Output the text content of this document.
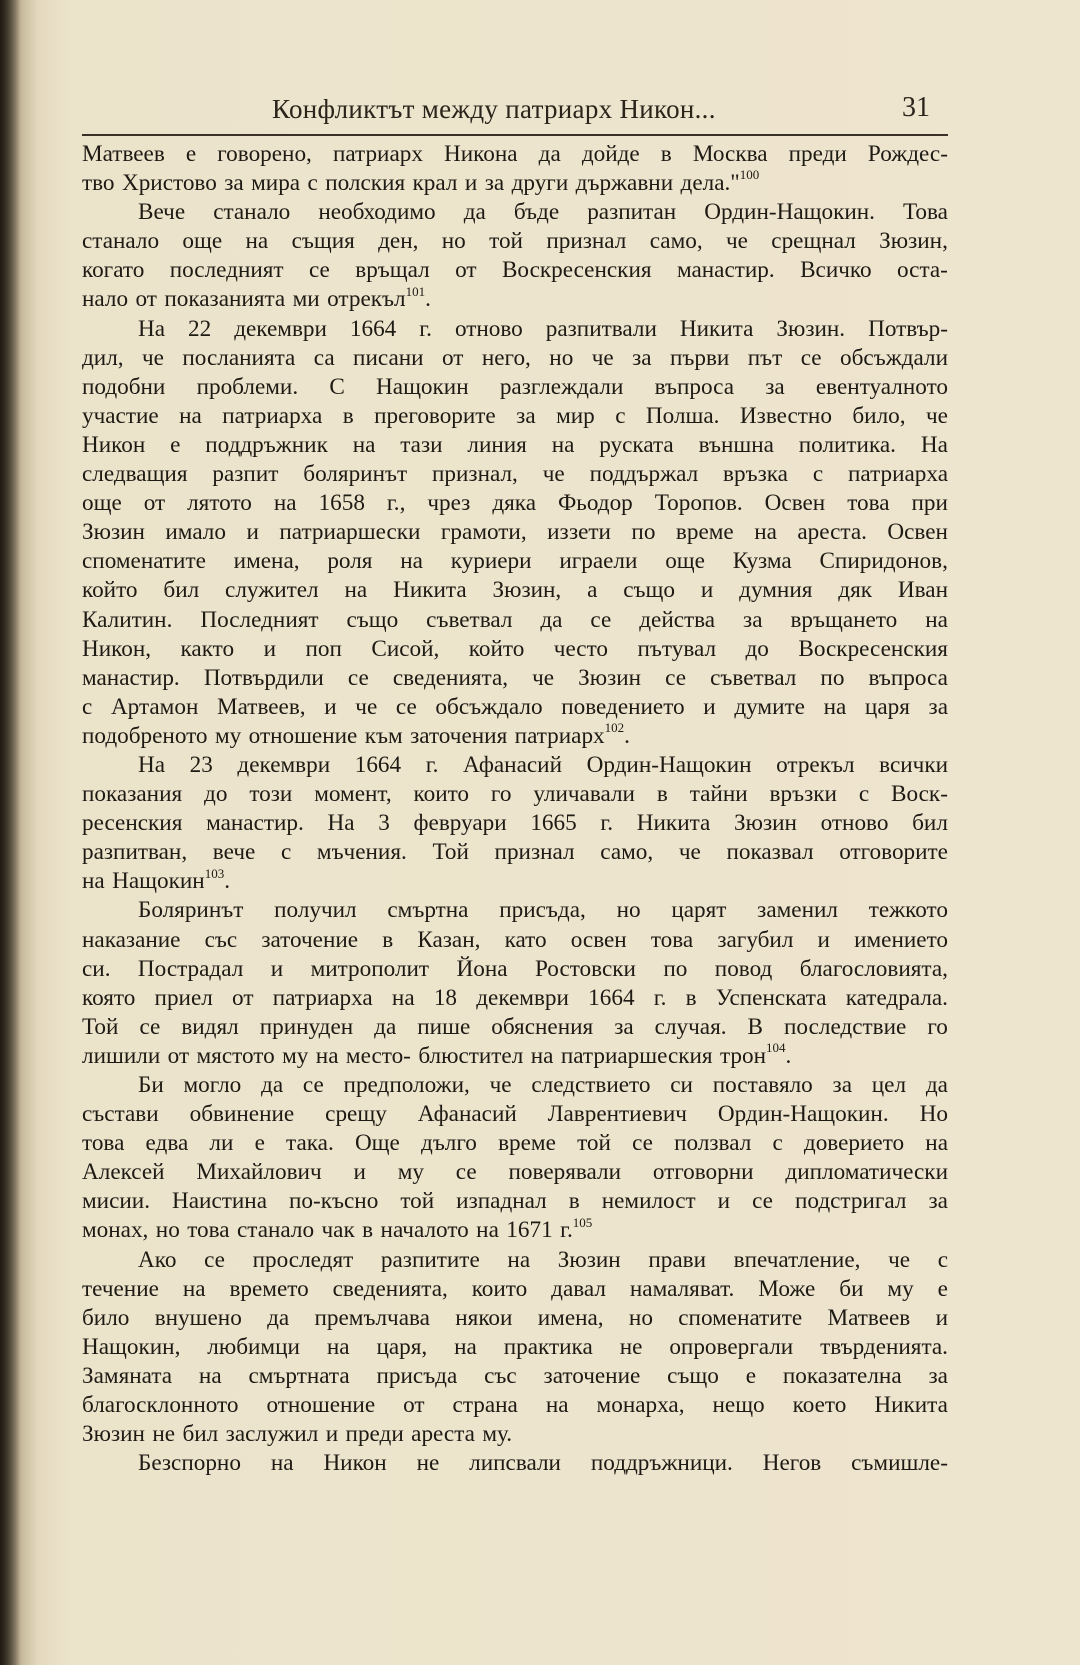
Конфликтът между патриарх Никон...	31
Матвеев е говорено, патриарх Никона да дойде в Москва преди Рождес-
тво Христово за мира с полския крал и за други държавни дела."$^{100}$
Вече станало необходимо да бъде разпитан Ордин-Нащокин. Това
станало още на същия ден, но той признал само, че срещнал Зюзин,
когато последният се връщал от Воскресенския манастир. Всичко оста-
нало от показанията ми отрекъл$^{101}$.
На 22 декември 1664 г. отново разпитвали Никита Зюзин. Потвър-
дил, че посланията са писани от него, но че за първи път се обсъждали
подобни проблеми. С Нащокин разглеждали въпроса за евентуалното
участие на патриарха в преговорите за мир с Полша. Известно било, че
Никон е поддръжник на тази линия на руската външна политика. На
следващия разпит боляринът признал, че поддържал връзка с патриарха
още от лятото на 1658 г., чрез дяка Фьодор Торопов. Освен това при
Зюзин имало и патриаршески грамоти, иззети по време на ареста. Освен
споменатите имена, роля на куриери играели още Кузма Спиридонов,
който бил служител на Никита Зюзин, а също и думния дяк Иван
Калитин. Последният също съветвал да се действа за връщането на
Никон, както и поп Сисой, който често пътувал до Воскресенския
манастир. Потвърдили се сведенията, че Зюзин се съветвал по въпроса
с Артамон Матвеев, и че се обсъждало поведението и думите на царя за
подобреното му отношение към заточения патриарх$^{102}$.
На 23 декември 1664 г. Афанасий Ордин-Нащокин отрекъл всички
показания до този момент, които го уличавали в тайни връзки с Воск-
ресенския манастир. На 3 февруари 1665 г. Никита Зюзин отново бил
разпитван, вече с мъчения. Той признал само, че показвал отговорите
на Нащокин$^{103}$.
Боляринът получил смъртна присъда, но царят заменил тежкото
наказание със заточение в Казан, като освен това загубил и имението
си. Пострадал и митрополит Йона Ростовски по повод благословията,
която приел от патриарха на 18 декември 1664 г. в Успенската катедрала.
Той се видял принуден да пише обяснения за случая. В последствие го
лишили от мястото му на место- блюстител на патриаршеския трон$^{104}$.
Би могло да се предположи, че следствието си поставяло за цел да
състави обвинение срещу Афанасий Лаврентиевич Ордин-Нащокин. Но
това едва ли е така. Още дълго време той се ползвал с доверието на
Алексей Михайлович и му се поверявали отговорни дипломатически
мисии. Наистина по-късно той изпаднал в немилост и се подстригал за
монах, но това станало чак в началото на 1671 г.$^{105}$
Ако се проследят разпитите на Зюзин прави впечатление, че с
течение на времето сведенията, които давал намаляват. Може би му е
било внушено да премълчава някои имена, но споменатите Матвеев и
Нащокин, любимци на царя, на практика не опровергали твърденията.
Замяната на смъртната присъда със заточение също е показателна за
благосклонното отношение от страна на монарха, нещо което Никита
Зюзин не бил заслужил и преди ареста му.
Безспорно на Никон не липсвали поддръжници. Негов съмишле-
